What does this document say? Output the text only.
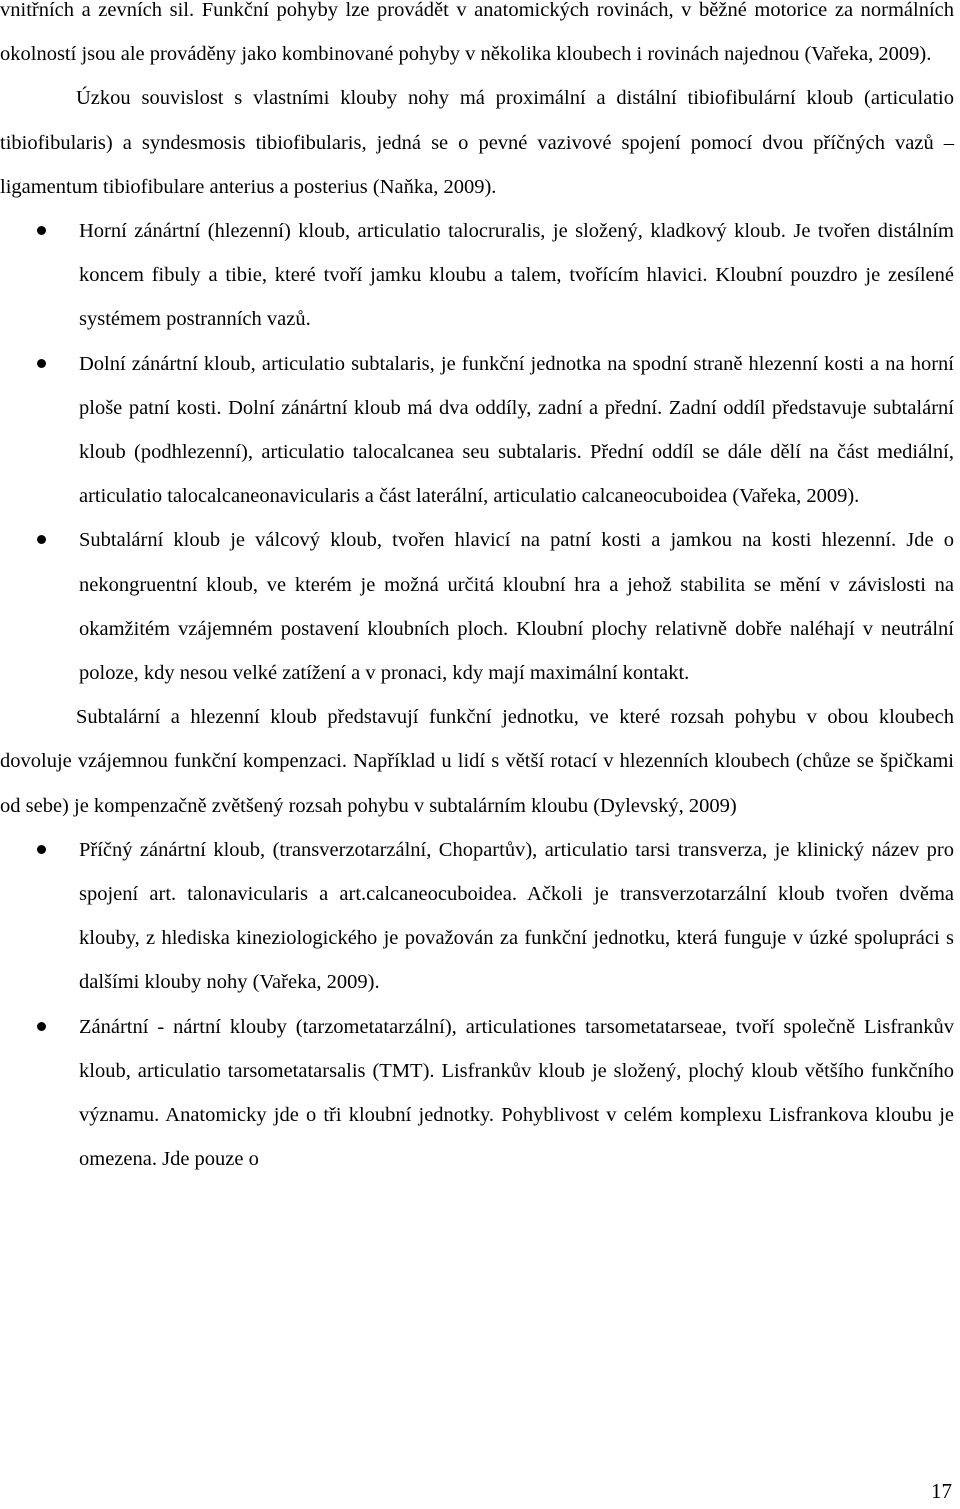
vnitřních a zevních sil. Funkční pohyby lze provádět v anatomických rovinách, v běžné motorice za normálních okolností jsou ale prováděny jako kombinované pohyby v několika kloubech i rovinách najednou (Vařeka, 2009).

Úzkou souvislost s vlastními klouby nohy má proximální a distální tibiofibulární kloub (articulatio tibiofibularis) a syndesmosis tibiofibularis, jedná se o pevné vazivové spojení pomocí dvou příčných vazů – ligamentum tibiofibulare anterius a posterius (Naňka, 2009).

Horní zánártní (hlezenní) kloub, articulatio talocruralis, je složený, kladkový kloub. Je tvořen distálním koncem fibuly a tibie, které tvoří jamku kloubu a talem, tvořícím hlavici. Kloubní pouzdro je zesílené systémem postranních vazů.
Dolní zánártní kloub, articulatio subtalaris, je funkční jednotka na spodní straně hlezenní kosti a na horní ploše patní kosti. Dolní zánártní kloub má dva oddíly, zadní a přední. Zadní oddíl představuje subtalární kloub (podhlezenní), articulatio talocalcanea seu subtalaris. Přední oddíl se dále dělí na část mediální, articulatio talocalcaneonavicularis a část laterální, articulatio calcaneocuboidea (Vařeka, 2009).
Subtalární kloub je válcový kloub, tvořen hlavicí na patní kosti a jamkou na kosti hlezenní. Jde o nekongruentní kloub, ve kterém je možná určitá kloubní hra a jehož stabilita se mění v závislosti na okamžitém vzájemném postavení kloubních ploch. Kloubní plochy relativně dobře naléhají v neutrální poloze, kdy nesou velké zatížení a v pronaci, kdy mají maximální kontakt.

Subtalární a hlezenní kloub představují funkční jednotku, ve které rozsah pohybu v obou kloubech dovoluje vzájemnou funkční kompenzaci. Například u lidí s větší rotací v hlezenních kloubech (chůze se špičkami od sebe) je kompenzačně zvětšený rozsah pohybu v subtalárním kloubu (Dylevský, 2009)

Příčný zánártní kloub, (transverzotarzální, Chopartův), articulatio tarsi transverza, je klinický název pro spojení art. talonavicularis a art.calcaneocuboidea. Ačkoli je transverzotarzální kloub tvořen dvěma klouby, z hlediska kineziologického je považován za funkční jednotku, která funguje v úzké spolupráci s dalšími klouby nohy (Vařeka, 2009).
Zánártní - nártní klouby (tarzometatarzální), articulationes tarsometatarseae, tvoří společně Lisfrankův kloub, articulatio tarsometatarsalis (TMT). Lisfrankův kloub je složený, plochý kloub většího funkčního významu. Anatomicky jde o tři kloubní jednotky. Pohyblivost v celém komplexu Lisfrankova kloubu je omezena. Jde pouze o
17
